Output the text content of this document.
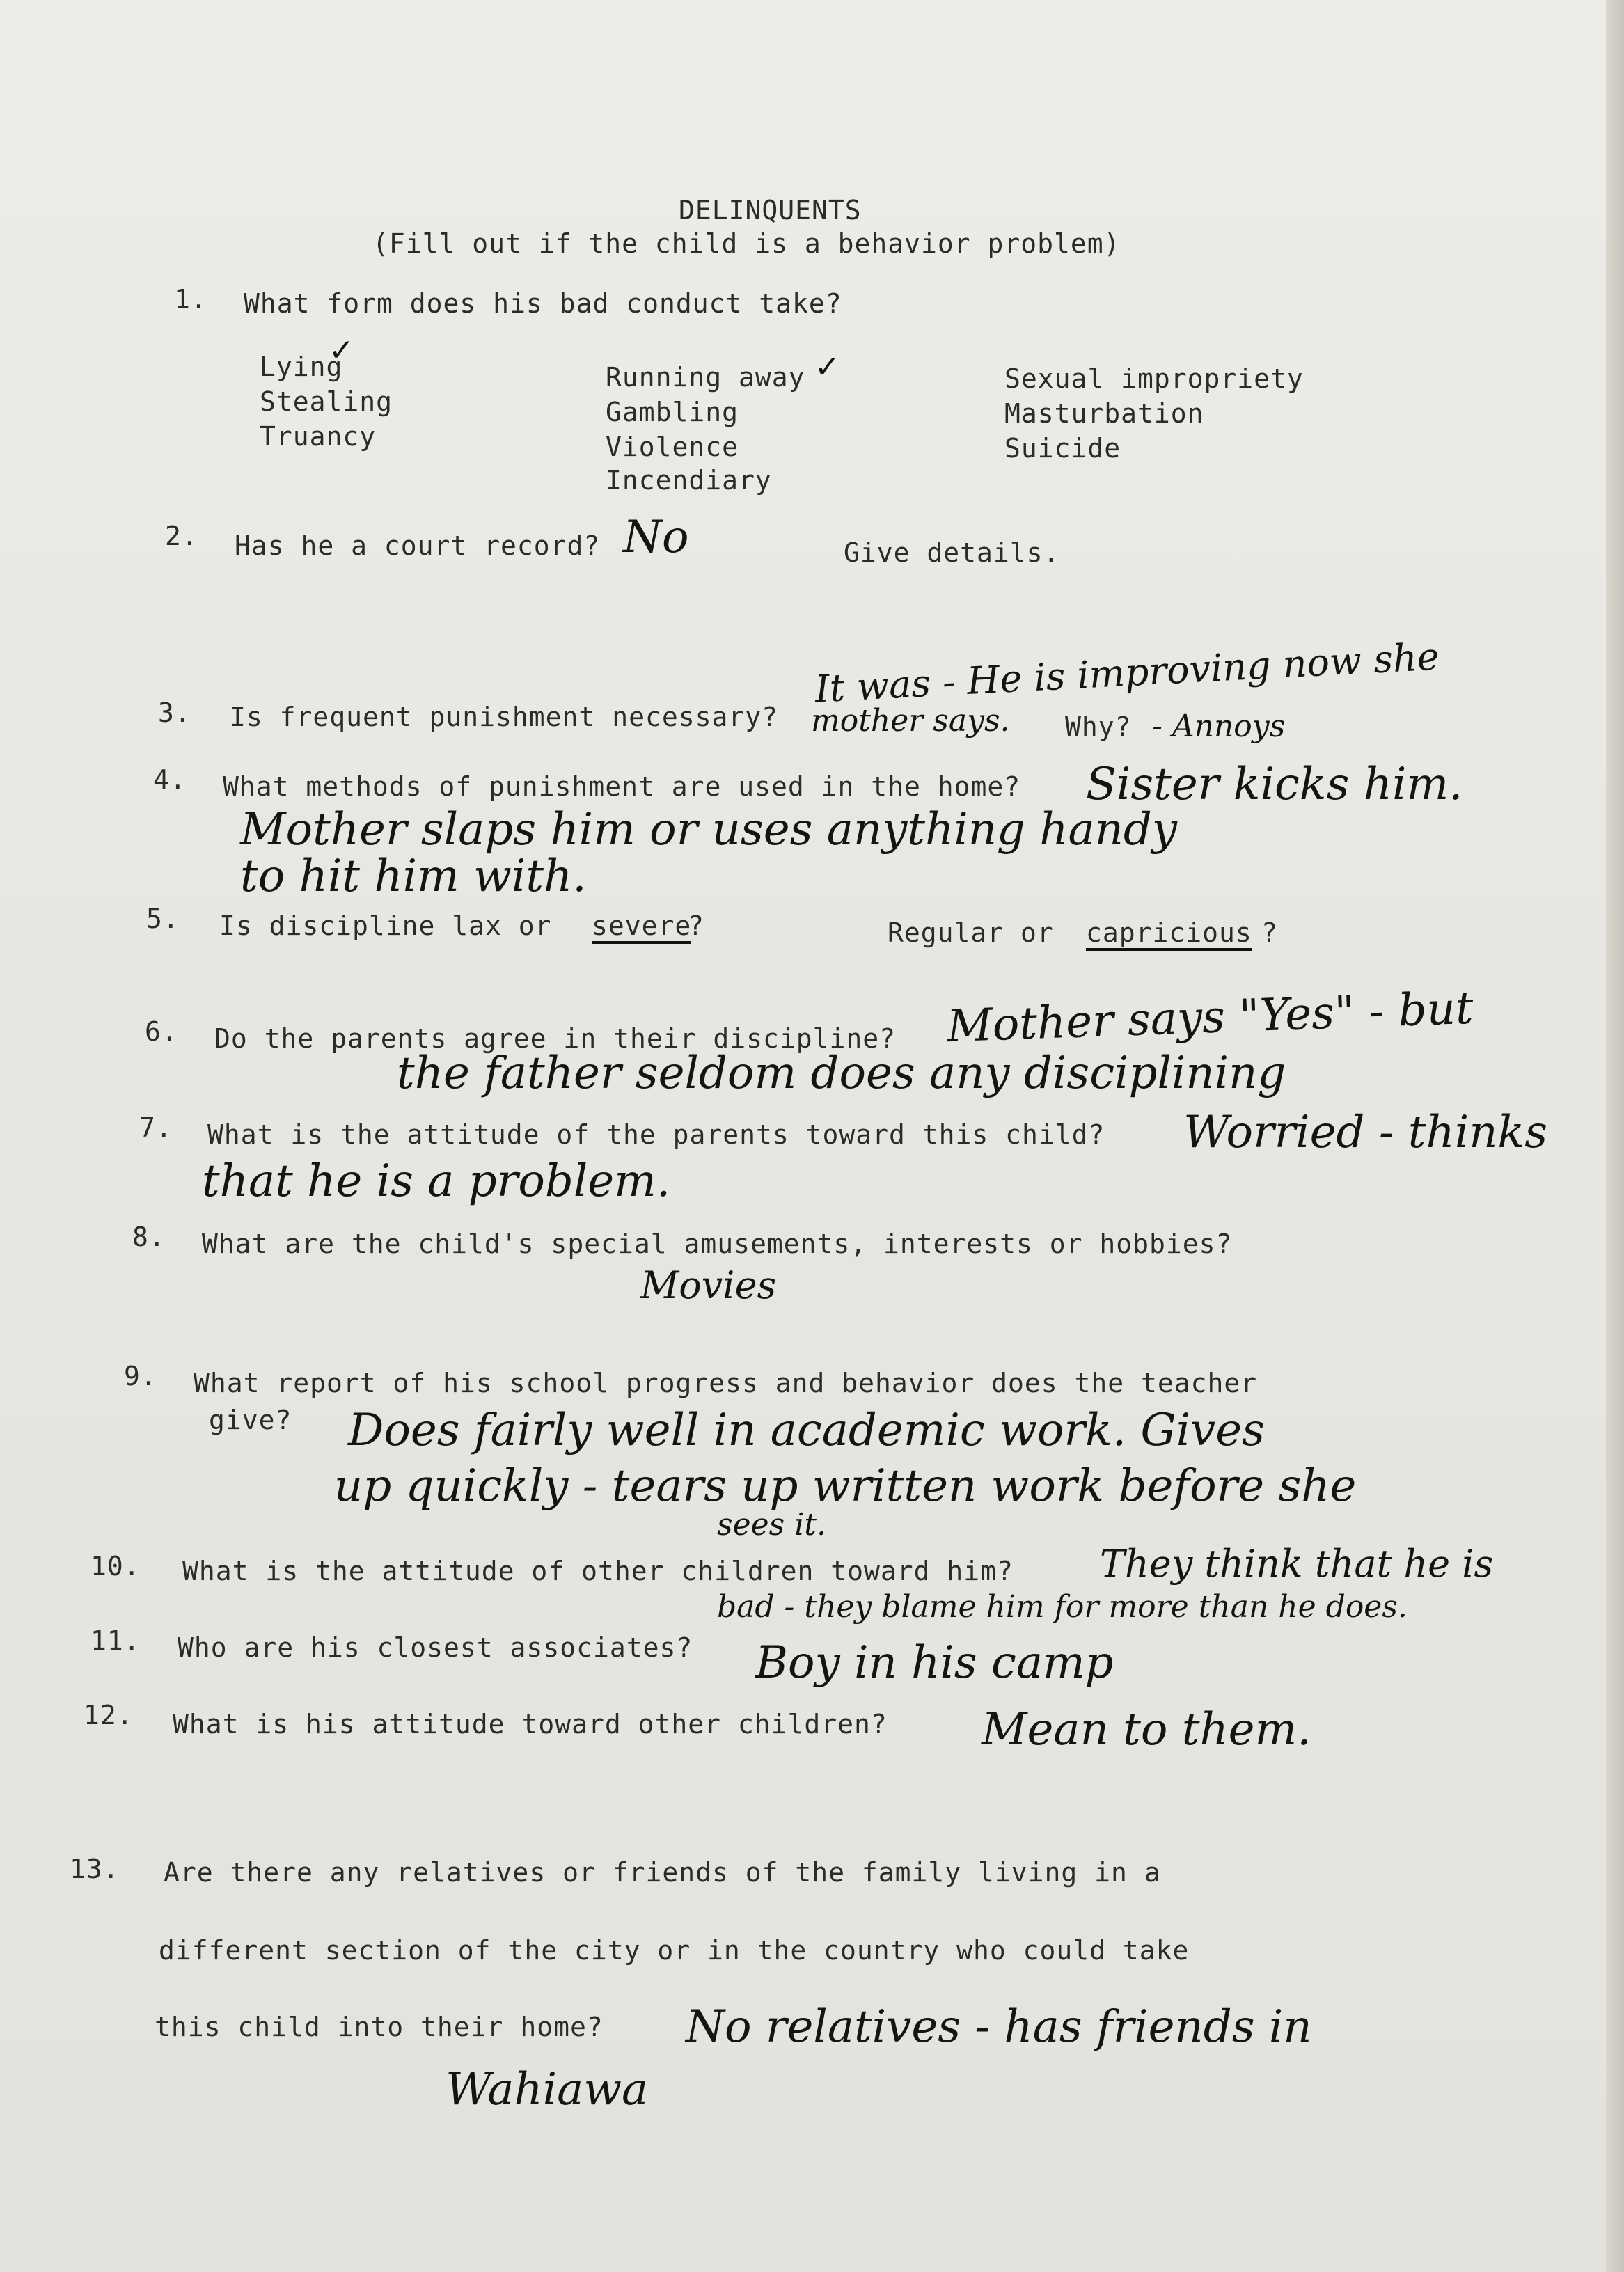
DELINQUENTS
(Fill out if the child is a behavior problem)
1. What form does his bad conduct take?
Lying
✓
Stealing
Truancy
Running away ✓
Gambling
Violence
Incendiary
Sexual impropriety
Masturbation
Suicide
2. Has he a court record? No	Give details.
3. Is frequent punishment necessary?
It was - He is improving now she
mother says. Why? - Annoys
4. What methods of punishment are used in the home? Sister kicks him.
Mother slaps him or uses anything handy
to hit him with.
5. Is discipline lax or severe
?	Regular or capricious ?
6. Do the parents agree in their discipline? Mother says "Yes" - but
the father seldom does any disciplining
7. What is the attitude of the parents toward this child? Worried - thinks
that he is a problem.
8. What are the child's special amusements, interests or hobbies?
Movies
9. What report of his school progress and behavior does the teacher
give? Does fairly well in academic work. Gives
up quickly - tears up written work before she
sees it.
10. What is the attitude of other children toward him? They think that he is
bad - they blame him for more than he does.
11. Who are his closest associates? Boy in his camp
12. What is his attitude toward other children? Mean to them.
13. Are there any relatives or friends of the family living in a
different section of the city or in the country who could take
this child into their home? No relatives - has friends in
Wahiawa
